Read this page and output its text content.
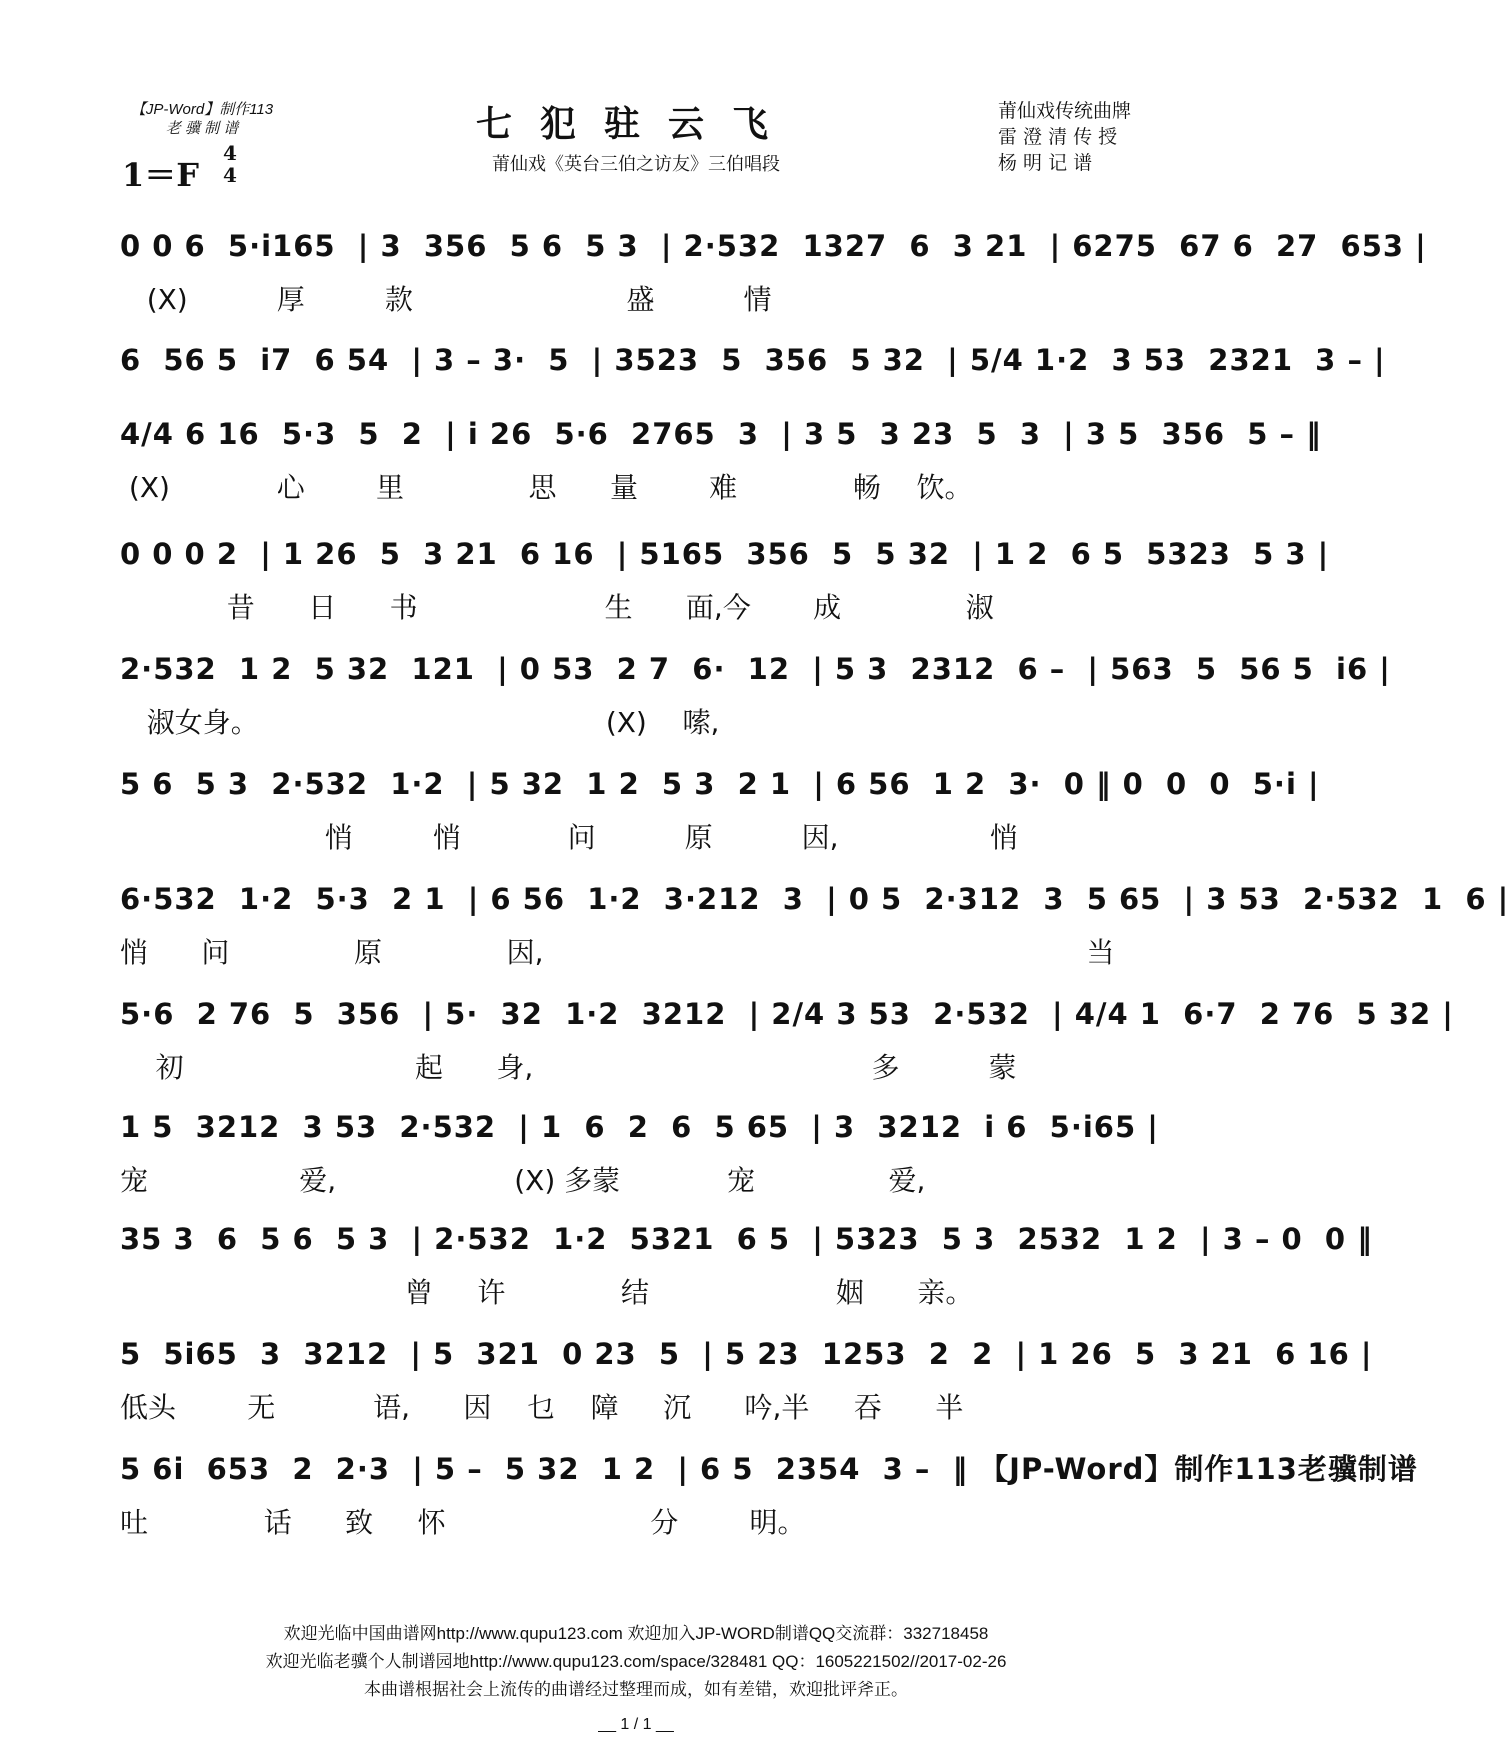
【JP-Word】制作113
老 骥 制 谱
1＝F
4
4
七犯驻云飞
莆仙戏《英台三伯之访友》三伯唱段
莆仙戏传统曲牌
雷 澄 清 传 授
杨 明 记 谱
0 0 6  5·i165  | 3  356  5 6  5 3  | 2·532  1327  6  3 21  | 6275  67 6  27  653 |
(X)          厚         款                        盛          情
6  56 5  i7  6 54  | 3 – 3·  5  | 3523  5  356  5 32  | 5/4 1·2  3 53  2321  3 – |
4/4 6 16  5·3  5  2  | i 26  5·6  2765  3  | 3 5  3 23  5  3  | 3 5  356  5 – ‖
(X)            心        里              思      量        难             畅    饮。
0 0 0 2  | 1 26  5  3 21  6 16  | 5165  356  5  5 32  | 1 2  6 5  5323  5 3 |
昔      日      书                     生      面,今       成              淑
2·532  1 2  5 32  121  | 0 53  2 7  6·  12  | 5 3  2312  6 –  | 563  5  56 5  i6 |
淑女身。                                       (X)    嗦,
5 6  5 3  2·532  1·2  | 5 32  1 2  5 3  2 1  | 6 56  1 2  3·  0 ‖ 0  0  0  5·i |
悄         悄            问          原          因,                 悄
6·532  1·2  5·3  2 1  | 6 56  1·2  3·212  3  | 0 5  2·312  3  5 65  | 3 53  2·532  1  6 |
悄      问              原              因,                                                             当
5·6  2 76  5  356  | 5·  32  1·2  3212  | 2/4 3 53  2·532  | 4/4 1  6·7  2 76  5 32 |
初                          起      身,                                      多          蒙
1 5  3212  3 53  2·532  | 1  6  2  6  5 65  | 3  3212  i 6  5·i65 |
宠                 爱,                    (X) 多蒙            宠               爱,
35 3  6  5 6  5 3  | 2·532  1·2  5321  6 5  | 5323  5 3  2532  1 2  | 3 – 0  0 ‖
曾     许             结                     姻      亲。
5  5i65  3  3212  | 5  321  0 23  5  | 5 23  1253  2  2  | 1 26  5  3 21  6 16 |
低头        无           语,      因    乜    障     沉      吟,半     吞      半
5 6i  653  2  2·3  | 5 –  5 32  1 2  | 6 5  2354  3 –  ‖ 【JP-Word】制作113老骥制谱
吐             话      致     怀                       分        明。
欢迎光临中国曲谱网http://www.qupu123.com 欢迎加入JP-WORD制谱QQ交流群：332718458
欢迎光临老骥个人制谱园地http://www.qupu123.com/space/328481 QQ：1605221502//2017-02-26
本曲谱根据社会上流传的曲谱经过整理而成，如有差错，欢迎批评斧正。
__ 1 / 1 __
